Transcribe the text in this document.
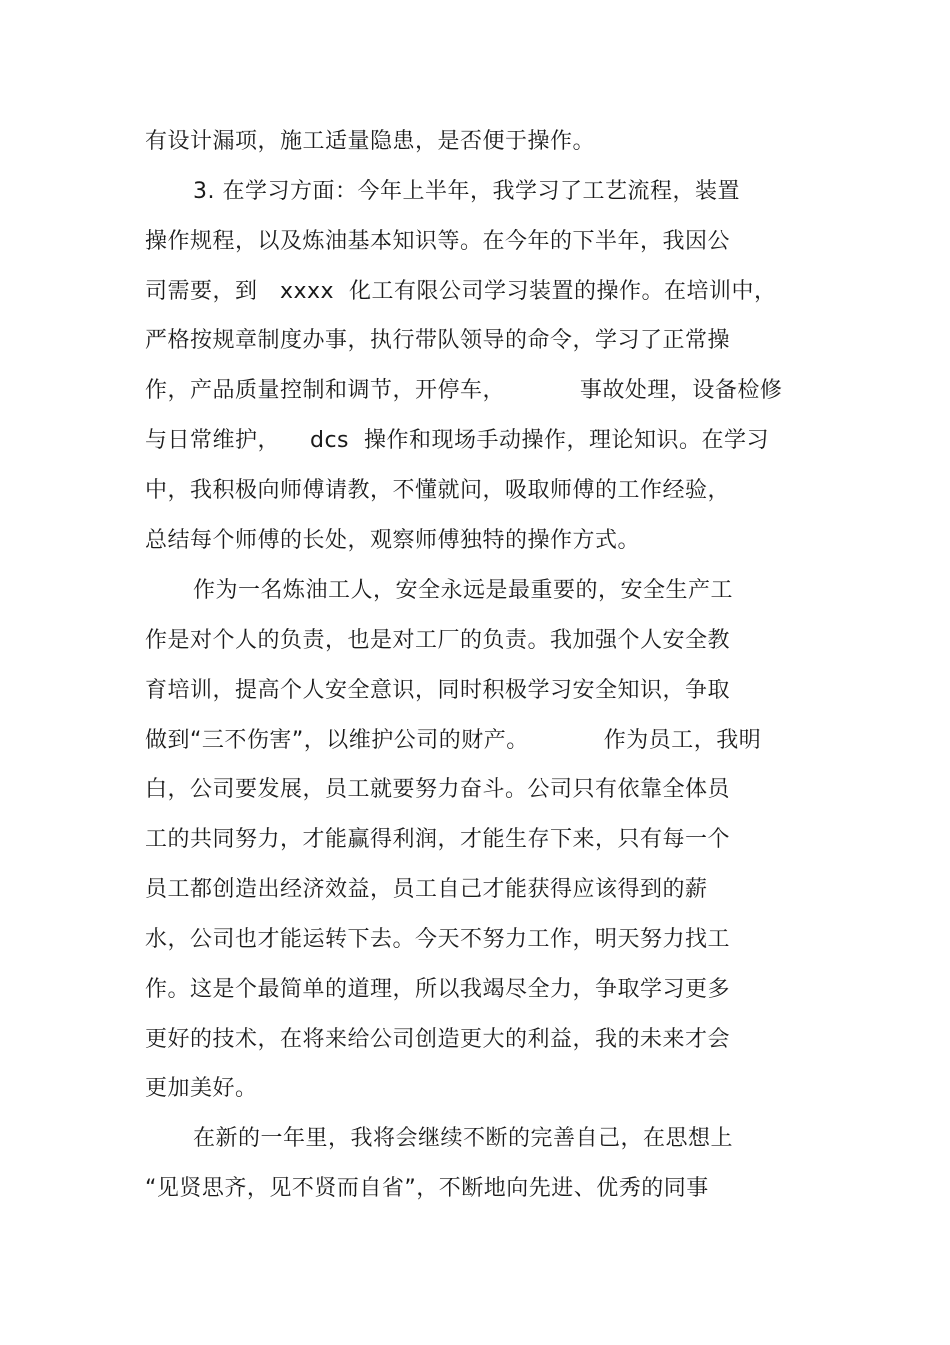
有设计漏项，施工适量隐患，是否便于操作。
3. 在学习方面：今年上半年，我学习了工艺流程，装置
操作规程，以及炼油基本知识等。在今年的下半年，我因公
司需要，到   xxxx  化工有限公司学习装置的操作。在培训中，
严格按规章制度办事，执行带队领导的命令，学习了正常操
作，产品质量控制和调节，开停车，          事故处理，设备检修
与日常维护，    dcs  操作和现场手动操作，理论知识。在学习
中，我积极向师傅请教，不懂就问，吸取师傅的工作经验，
总结每个师傅的长处，观察师傅独特的操作方式。
作为一名炼油工人，安全永远是最重要的，安全生产工
作是对个人的负责，也是对工厂的负责。我加强个人安全教
育培训，提高个人安全意识，同时积极学习安全知识，争取
做到“三不伤害”，以维护公司的财产。          作为员工，我明
白，公司要发展，员工就要努力奋斗。公司只有依靠全体员
工的共同努力，才能赢得利润，才能生存下来，只有每一个
员工都创造出经济效益，员工自己才能获得应该得到的薪
水，公司也才能运转下去。今天不努力工作，明天努力找工
作。这是个最简单的道理，所以我竭尽全力，争取学习更多
更好的技术，在将来给公司创造更大的利益，我的未来才会
更加美好。
在新的一年里，我将会继续不断的完善自己，在思想上
“见贤思齐，见不贤而自省”，不断地向先进、优秀的同事
